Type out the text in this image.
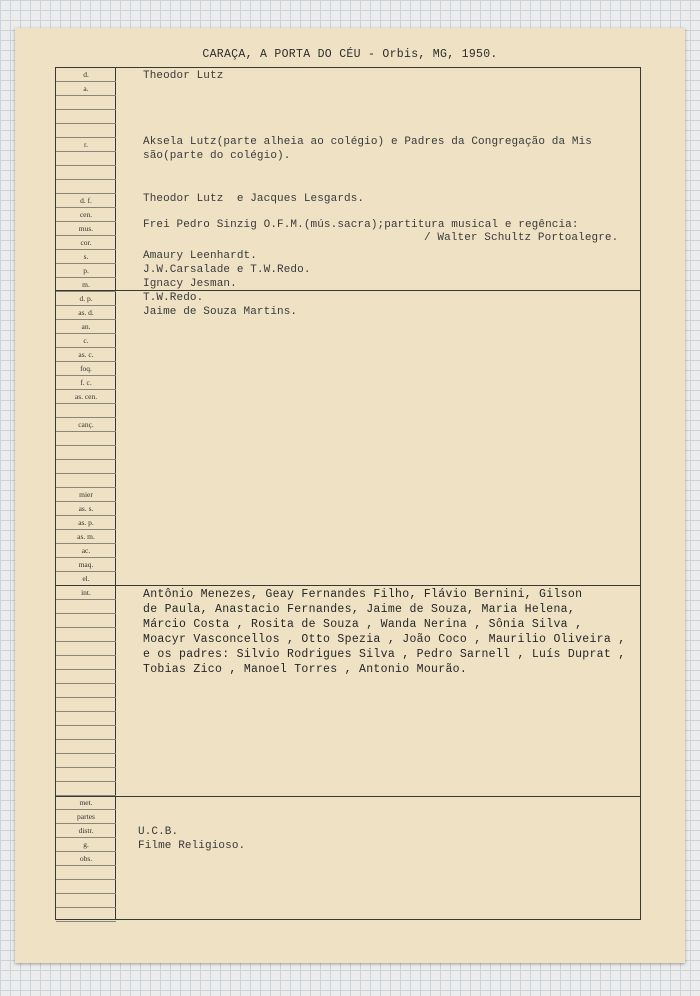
CARAÇA, A PORTA DO CÉU - Orbis, MG, 1950.
d.
a.
r.
d. f.
cen.
mus.
cor.
s.
p.
m.
d. p.
as. d.
an.
c.
as. c.
foq.
f. c.
as. cen.
canç.
mier
as. s.
as. p.
as. m.
ac.
maq.
el.
int.
met.
partes
distr.
g.
obs.
Theodor Lutz
Aksela Lutz(parte alheia ao colégio) e Padres da Congregação da Mis
são(parte do colégio).
Theodor Lutz  e Jacques Lesgards.
Frei Pedro Sinzig O.F.M.(mús.sacra);partitura musical e regência:
/ Walter Schultz Portoalegre.
Amaury Leenhardt.
J.W.Carsalade e T.W.Redo.
Ignacy Jesman.
T.W.Redo.
Jaime de Souza Martins.
Antônio Menezes, Geay Fernandes Filho, Flávio Bernini, Gilson
de Paula, Anastacio Fernandes, Jaime de Souza, Maria Helena,
Márcio Costa , Rosita de Souza , Wanda Nerina , Sônia Silva ,
Moacyr Vasconcellos , Otto Spezia , João Coco , Maurilio Oliveira ,
e os padres: Silvio Rodrigues Silva , Pedro Sarnell , Luís Duprat ,
Tobias Zico , Manoel Torres , Antonio Mourão.
U.C.B.
Filme Religioso.
